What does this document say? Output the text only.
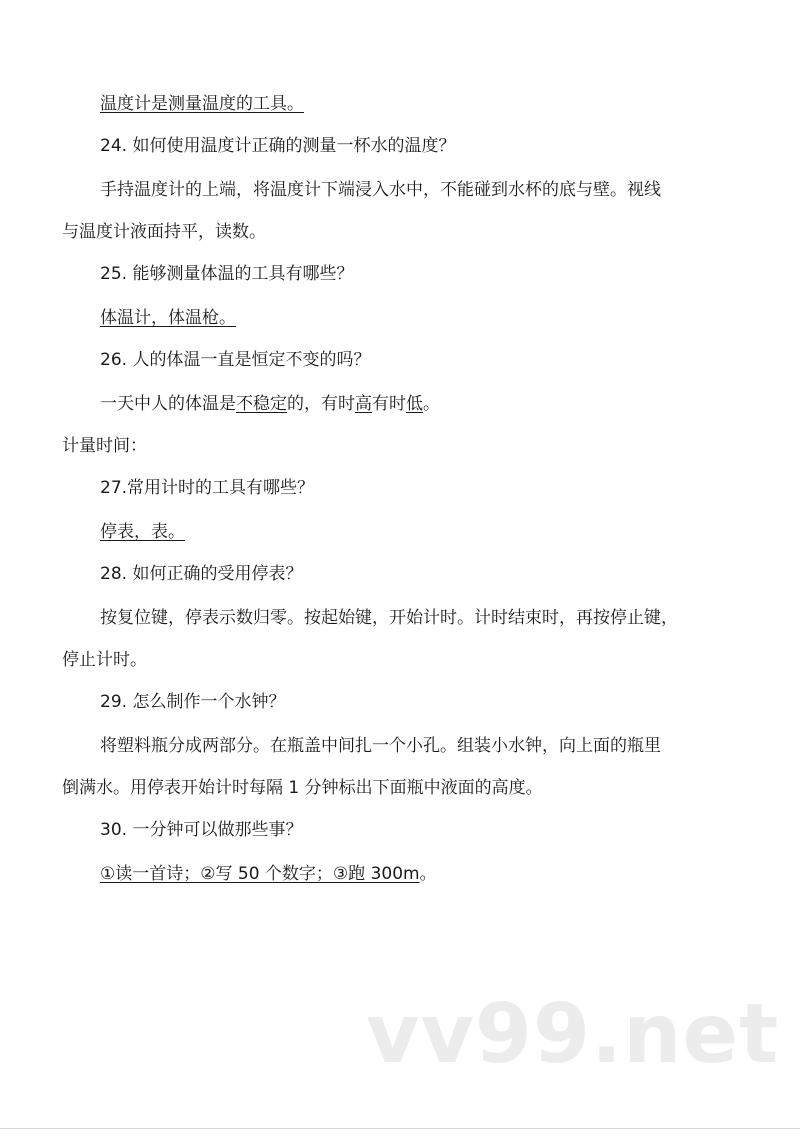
温度计是测量温度的工具。
24. 如何使用温度计正确的测量一杯水的温度？
手持温度计的上端，将温度计下端浸入水中，不能碰到水杯的底与壁。视线
与温度计液面持平，读数。
25. 能够测量体温的工具有哪些？
体温计，体温枪。
26. 人的体温一直是恒定不变的吗？
一天中人的体温是不稳定的，有时高有时低。
计量时间：
27.常用计时的工具有哪些？
停表，表。
28. 如何正确的受用停表？
按复位键，停表示数归零。按起始键，开始计时。计时结束时，再按停止键，
停止计时。
29. 怎么制作一个水钟？
将塑料瓶分成两部分。在瓶盖中间扎一个小孔。组装小水钟，向上面的瓶里
倒满水。用停表开始计时每隔 1 分钟标出下面瓶中液面的高度。
30. 一分钟可以做那些事？
①读一首诗；②写 50 个数字；③跑 300m。
vv99.net
